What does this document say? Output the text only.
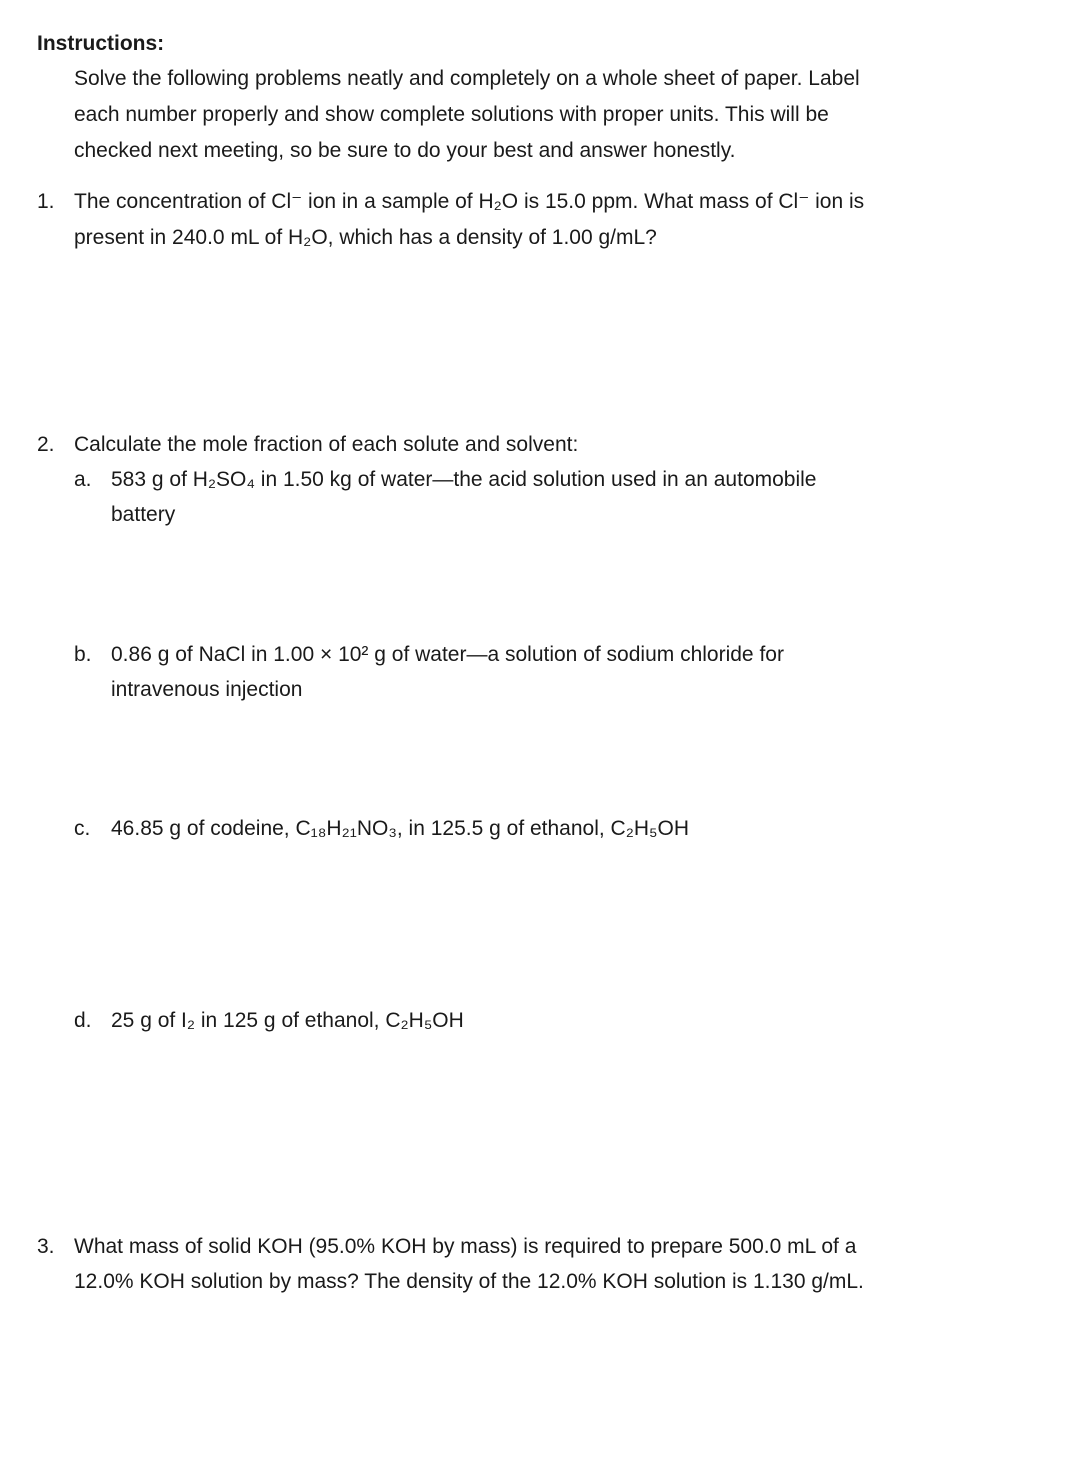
Instructions:
Solve the following problems neatly and completely on a whole sheet of paper. Label
each number properly and show complete solutions with proper units. This will be
checked next meeting, so be sure to do your best and answer honestly.
1. The concentration of Cl⁻ ion in a sample of H₂O is 15.0 ppm. What mass of Cl⁻ ion is
present in 240.0 mL of H₂O, which has a density of 1.00 g/mL?
2. Calculate the mole fraction of each solute and solvent:
a. 583 g of H₂SO₄ in 1.50 kg of water—the acid solution used in an automobile
battery
b. 0.86 g of NaCl in 1.00 × 10² g of water—a solution of sodium chloride for
intravenous injection
c. 46.85 g of codeine, C₁₈H₂₁NO₃, in 125.5 g of ethanol, C₂H₅OH
d. 25 g of I₂ in 125 g of ethanol, C₂H₅OH
3. What mass of solid KOH (95.0% KOH by mass) is required to prepare 500.0 mL of a
12.0% KOH solution by mass? The density of the 12.0% KOH solution is 1.130 g/mL.
